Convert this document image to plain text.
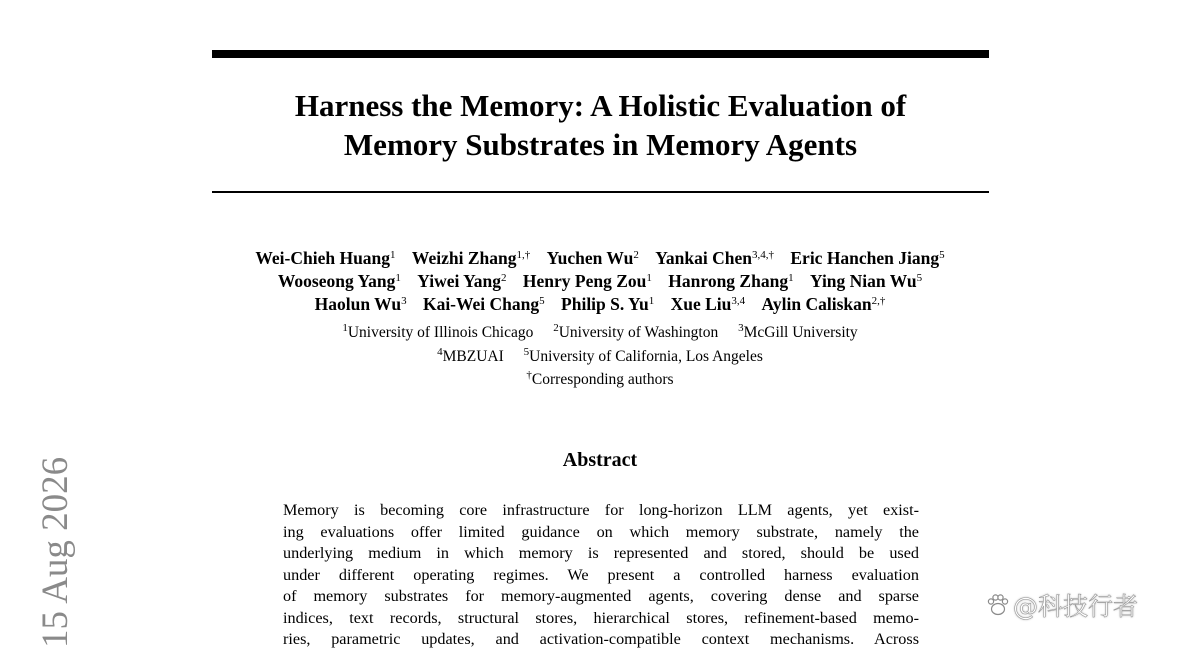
Harness the Memory: A Holistic Evaluation of
Memory Substrates in Memory Agents
Wei-Chieh Huang$^1$ Weizhi Zhang$^{1,\dagger}$ Yuchen Wu$^2$ Yankai Chen$^{3,4,\dagger}$ Eric Hanchen Jiang$^5$
Wooseong Yang$^1$ Yiwei Yang$^2$ Henry Peng Zou$^1$ Hanrong Zhang$^1$ Ying Nian Wu$^5$
Haolun Wu$^3$ Kai-Wei Chang$^5$ Philip S. Yu$^1$ Xue Liu$^{3,4}$ Aylin Caliskan$^{2,\dagger}$
$^1$University of Illinois Chicago $^2$University of Washington $^3$McGill University
$^4$MBZUAI $^5$University of California, Los Angeles
†Corresponding authors
Abstract
Memory is becoming core infrastructure for long-horizon LLM agents, yet exist-
ing evaluations offer limited guidance on which memory substrate, namely the
underlying medium in which memory is represented and stored, should be used
under different operating regimes. We present a controlled harness evaluation
of memory substrates for memory-augmented agents, covering dense and sparse
indices, text records, structural stores, hierarchical stores, refinement-based memo-
ries, parametric updates, and activation-compatible context mechanisms. Across
15 Aug 2026	@科技行者
